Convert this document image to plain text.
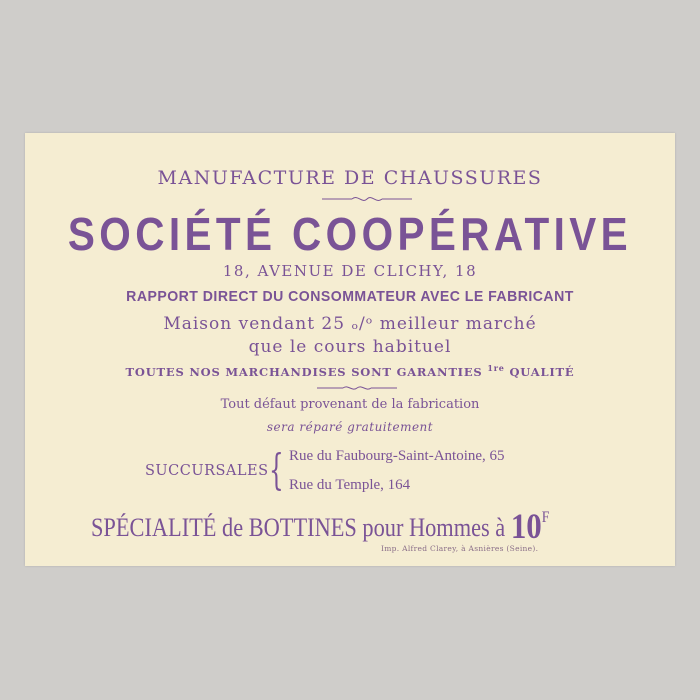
MANUFACTURE DE CHAUSSURES
SOCIÉTÉ COOPÉRATIVE
18, AVENUE DE CLICHY, 18
RAPPORT DIRECT DU CONSOMMATEUR AVEC LE FABRICANT
Maison vendant 25 ₒ/ᵒ meilleur marché
que le cours habituel
TOUTES NOS MARCHANDISES SONT GARANTIES $^{1re}$ QUALITÉ
Tout défaut provenant de la fabrication
sera réparé gratuitement
SUCCURSALES { Rue du Faubourg-Saint-Antoine, 65
Rue du Temple, 164
SPÉCIALITÉ de BOTTINES pour Hommes à $10^F$
Imp. Alfred Clarey, à Asnières (Seine).
